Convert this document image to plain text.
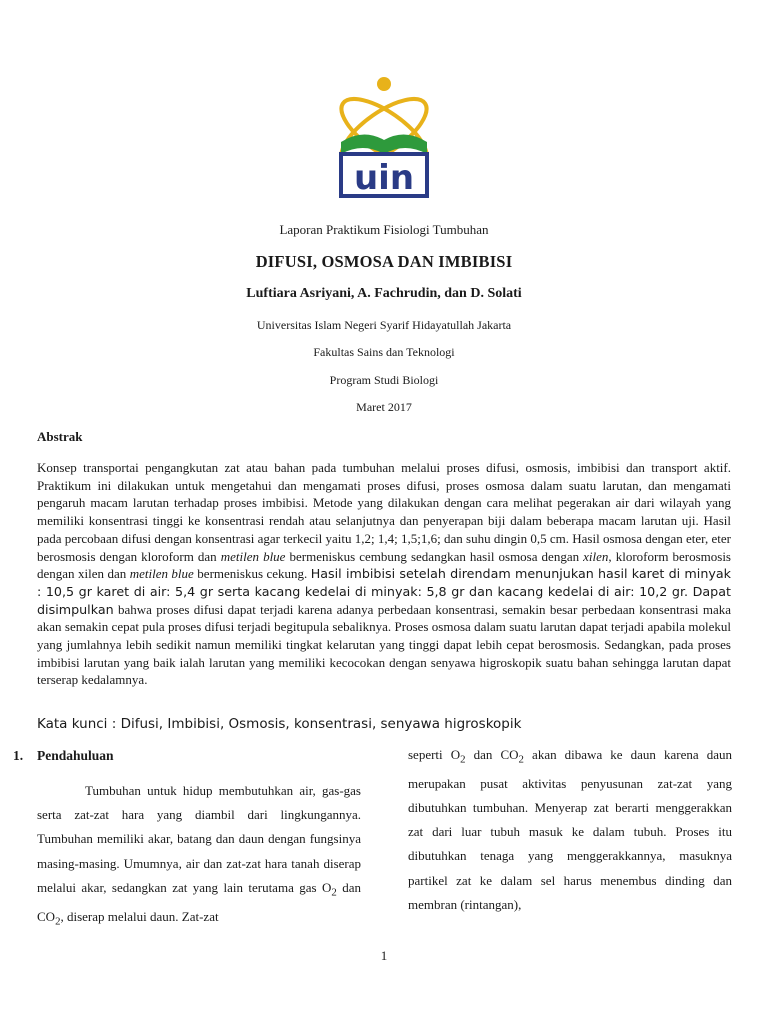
uin
Laporan Praktikum Fisiologi Tumbuhan
DIFUSI, OSMOSA DAN IMBIBISI
Luftiara Asriyani, A. Fachrudin, dan D. Solati
Universitas Islam Negeri Syarif Hidayatullah Jakarta
Fakultas Sains dan Teknologi
Program Studi Biologi
Maret 2017
Abstrak
Konsep transportai pengangkutan zat atau bahan pada tumbuhan melalui proses difusi, osmosis, imbibisi dan transport aktif. Praktikum ini dilakukan untuk mengetahui dan mengamati proses difusi, proses osmosa dalam suatu larutan, dan mengamati pengaruh macam larutan terhadap proses imbibisi. Metode yang dilakukan dengan cara melihat pegerakan air dari wilayah yang memiliki konsentrasi tinggi ke konsentrasi rendah atau selanjutnya dan penyerapan biji dalam beberapa macam larutan uji. Hasil pada percobaan difusi dengan konsentrasi agar terkecil yaitu 1,2; 1,4; 1,5;1,6; dan suhu dingin 0,5 cm. Hasil osmosa dengan eter, eter berosmosis dengan kloroform dan metilen blue bermeniskus cembung sedangkan hasil osmosa dengan xilen, kloroform berosmosis dengan xilen dan metilen blue bermeniskus cekung. Hasil imbibisi setelah direndam menunjukan hasil karet di minyak : 10,5 gr karet di air: 5,4 gr serta kacang kedelai di minyak: 5,8 gr dan kacang kedelai di air: 10,2 gr. Dapat disimpulkan bahwa proses difusi dapat terjadi karena adanya perbedaan konsentrasi, semakin besar perbedaan konsentrasi maka akan semakin cepat pula proses difusi terjadi begitupula sebaliknya. Proses osmosa dalam suatu larutan dapat terjadi apabila molekul yang jumlahnya lebih sedikit namun memiliki tingkat kelarutan yang tinggi dapat lebih cepat berosmosis. Sedangkan, pada proses imbibisi larutan yang baik ialah larutan yang memiliki kecocokan dengan senyawa higroskopik suatu bahan sehingga larutan dapat terserap kedalamnya.
Kata kunci : Difusi, Imbibisi, Osmosis, konsentrasi, senyawa higroskopik
1. Pendahuluan
Tumbuhan untuk hidup membutuhkan air, gas-gas serta zat-zat hara yang diambil dari lingkungannya. Tumbuhan memiliki akar, batang dan daun dengan fungsinya masing-masing. Umumnya, air dan zat-zat hara tanah diserap melalui akar, sedangkan zat yang lain terutama gas $O_2$ dan $CO_2$, diserap melalui daun. Zat-zat
seperti $O_2$ dan $CO_2$ akan dibawa ke daun karena daun merupakan pusat aktivitas penyusunan zat-zat yang dibutuhkan tumbuhan. Menyerap zat berarti menggerakkan zat dari luar tubuh masuk ke dalam tubuh. Proses itu dibutuhkan tenaga yang menggerakkannya, masuknya partikel zat ke dalam sel harus menembus dinding dan membran (rintangan),
1
